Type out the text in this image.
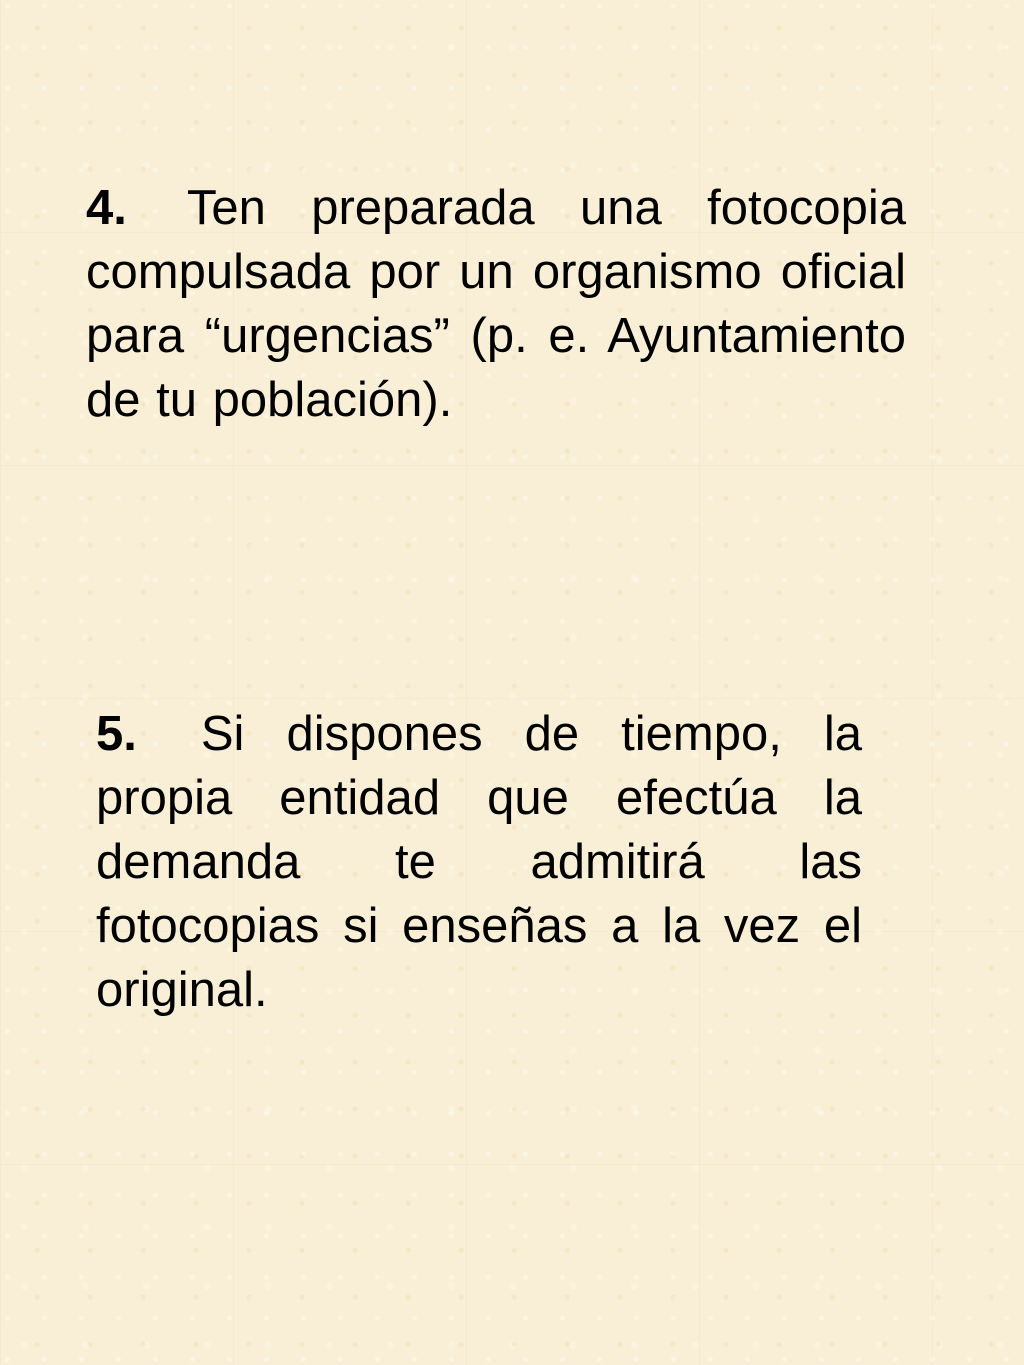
4. Ten preparada una fotocopia compulsada por un organismo oficial para “urgencias” (p. e. Ayuntamiento de tu población).

5. Si dispones de tiempo, la propia entidad que efectúa la demanda te admitirá las fotocopias si enseñas a la vez el original.
